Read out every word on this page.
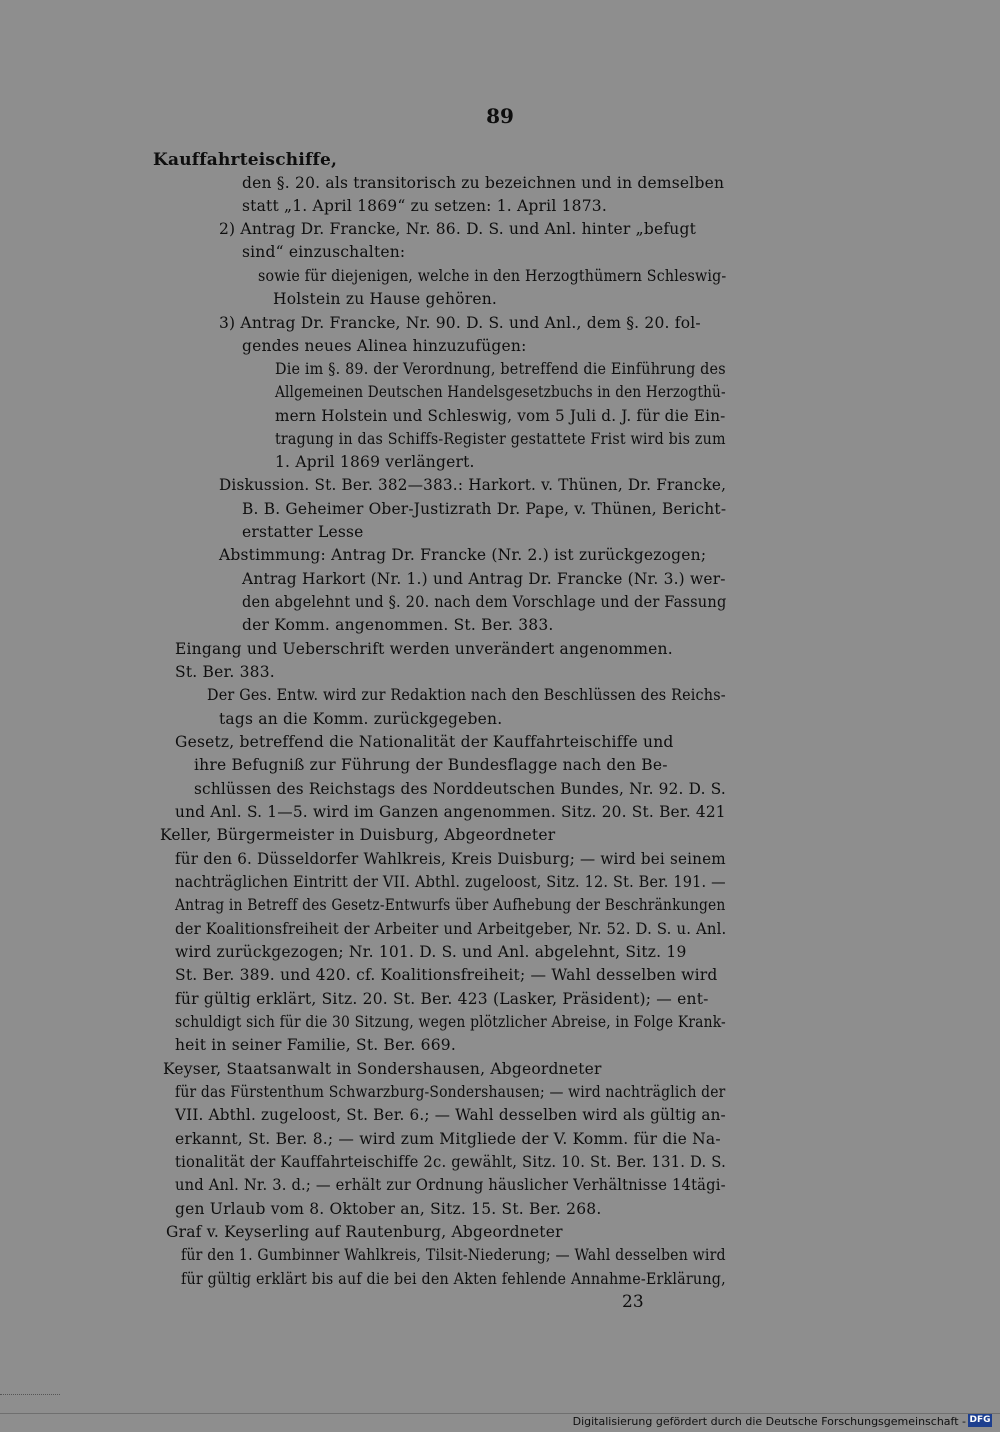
89
Kauffahrteischiffe,
den §. 20. als transitorisch zu bezeichnen und in demselben
statt „1. April 1869“ zu setzen: 1. April 1873.
2) Antrag Dr. Francke, Nr. 86. D. S. und Anl. hinter „befugt
sind“ einzuschalten:
sowie für diejenigen, welche in den Herzogthümern Schleswig-
Holstein zu Hause gehören.
3) Antrag Dr. Francke, Nr. 90. D. S. und Anl., dem §. 20. fol-
gendes neues Alinea hinzuzufügen:
Die im §. 89. der Verordnung, betreffend die Einführung des
Allgemeinen Deutschen Handelsgesetzbuchs in den Herzogthü-
mern Holstein und Schleswig, vom 5 Juli d. J. für die Ein-
tragung in das Schiffs-Register gestattete Frist wird bis zum
1. April 1869 verlängert.
Diskussion. St. Ber. 382—383.: Harkort. v. Thünen, Dr. Francke,
B. B. Geheimer Ober-Justizrath Dr. Pape, v. Thünen, Bericht-
erstatter Lesse
Abstimmung: Antrag Dr. Francke (Nr. 2.) ist zurückgezogen;
Antrag Harkort (Nr. 1.) und Antrag Dr. Francke (Nr. 3.) wer-
den abgelehnt und §. 20. nach dem Vorschlage und der Fassung
der Komm. angenommen. St. Ber. 383.
Eingang und Ueberschrift werden unverändert angenommen.
St. Ber. 383.
Der Ges. Entw. wird zur Redaktion nach den Beschlüssen des Reichs-
tags an die Komm. zurückgegeben.
Gesetz, betreffend die Nationalität der Kauffahrteischiffe und
ihre Befugniß zur Führung der Bundesflagge nach den Be-
schlüssen des Reichstags des Norddeutschen Bundes, Nr. 92. D. S.
und Anl. S. 1—5. wird im Ganzen angenommen. Sitz. 20. St. Ber. 421
Keller, Bürgermeister in Duisburg, Abgeordneter
für den 6. Düsseldorfer Wahlkreis, Kreis Duisburg; — wird bei seinem
nachträglichen Eintritt der VII. Abthl. zugeloost, Sitz. 12. St. Ber. 191. —
Antrag in Betreff des Gesetz-Entwurfs über Aufhebung der Beschränkungen
der Koalitionsfreiheit der Arbeiter und Arbeitgeber, Nr. 52. D. S. u. Anl.
wird zurückgezogen; Nr. 101. D. S. und Anl. abgelehnt, Sitz. 19
St. Ber. 389. und 420. cf. Koalitionsfreiheit; — Wahl desselben wird
für gültig erklärt, Sitz. 20. St. Ber. 423 (Lasker, Präsident); — ent-
schuldigt sich für die 30 Sitzung, wegen plötzlicher Abreise, in Folge Krank-
heit in seiner Familie, St. Ber. 669.
Keyser, Staatsanwalt in Sondershausen, Abgeordneter
für das Fürstenthum Schwarzburg-Sondershausen; — wird nachträglich der
VII. Abthl. zugeloost, St. Ber. 6.; — Wahl desselben wird als gültig an-
erkannt, St. Ber. 8.; — wird zum Mitgliede der V. Komm. für die Na-
tionalität der Kauffahrteischiffe 2c. gewählt, Sitz. 10. St. Ber. 131. D. S.
und Anl. Nr. 3. d.; — erhält zur Ordnung häuslicher Verhältnisse 14tägi-
gen Urlaub vom 8. Oktober an, Sitz. 15. St. Ber. 268.
Graf v. Keyserling auf Rautenburg, Abgeordneter
für den 1. Gumbinner Wahlkreis, Tilsit-Niederung; — Wahl desselben wird
für gültig erklärt bis auf die bei den Akten fehlende Annahme-Erklärung,
23
Digitalisierung gefördert durch die Deutsche Forschungsgemeinschaft - DFG
